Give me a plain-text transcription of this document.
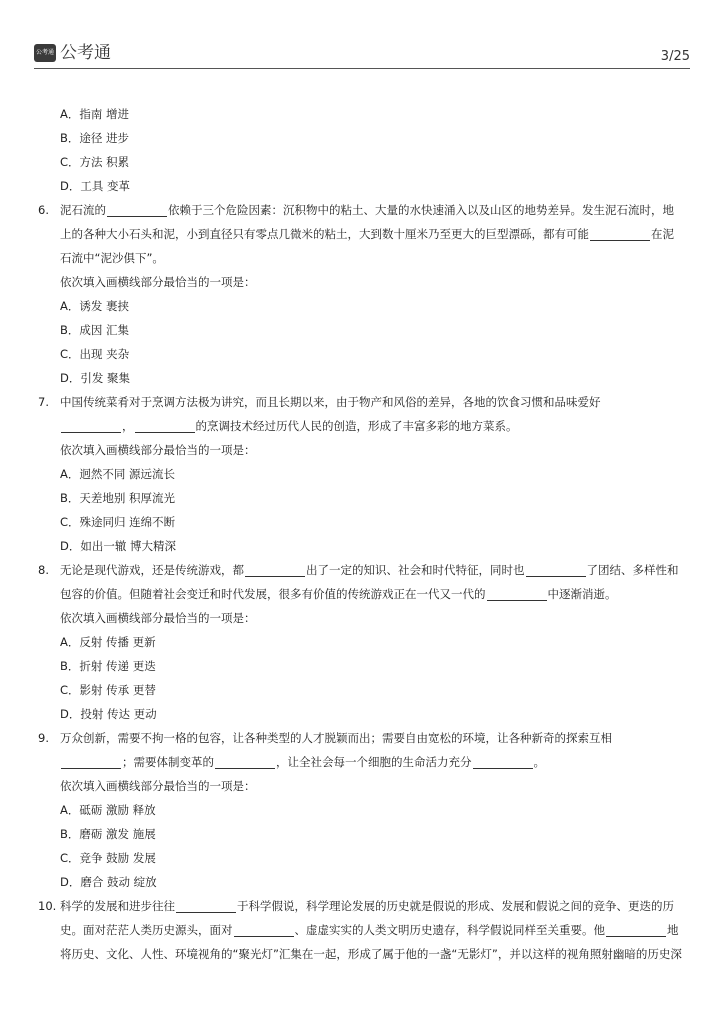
公考通 公考通	3/25
A．指南 增进
B．途径 进步
C．方法 积累
D．工具 变革
6. 泥石流的	依赖于三个危险因素：沉积物中的粘土、大量的水快速涌入以及山区的地势差异。发生泥石流时，地
上的各种大小石头和泥，小到直径只有零点几微米的粘土，大到数十厘米乃至更大的巨型漂砾，都有可能	在泥
石流中“泥沙俱下”。
依次填入画横线部分最恰当的一项是：
A．诱发 裹挟
B．成因 汇集
C．出现 夹杂
D．引发 聚集
7. 中国传统菜肴对于烹调方法极为讲究，而且长期以来，由于物产和风俗的差异，各地的饮食习惯和品味爱好
，	的烹调技术经过历代人民的创造，形成了丰富多彩的地方菜系。
依次填入画横线部分最恰当的一项是：
A．迥然不同 源远流长
B．天差地别 积厚流光
C．殊途同归 连绵不断
D．如出一辙 博大精深
8. 无论是现代游戏，还是传统游戏，都	出了一定的知识、社会和时代特征，同时也	了团结、多样性和
包容的价值。但随着社会变迁和时代发展，很多有价值的传统游戏正在一代又一代的	中逐渐消逝。
依次填入画横线部分最恰当的一项是：
A．反射 传播 更新
B．折射 传递 更迭
C．影射 传承 更替
D．投射 传达 更动
9. 万众创新，需要不拘一格的包容，让各种类型的人才脱颖而出；需要自由宽松的环境，让各种新奇的探索互相
；需要体制变革的	，让全社会每一个细胞的生命活力充分	。
依次填入画横线部分最恰当的一项是：
A．砥砺 激励 释放
B．磨砺 激发 施展
C．竞争 鼓励 发展
D．磨合 鼓动 绽放
10. 科学的发展和进步往往	于科学假说，科学理论发展的历史就是假说的形成、发展和假说之间的竞争、更迭的历
史。面对茫茫人类历史源头，面对	、虚虚实实的人类文明历史遗存，科学假说同样至关重要。他	地
将历史、文化、人性、环境视角的“聚光灯”汇集在一起，形成了属于他的一盏“无影灯”，并以这样的视角照射幽暗的历史深
